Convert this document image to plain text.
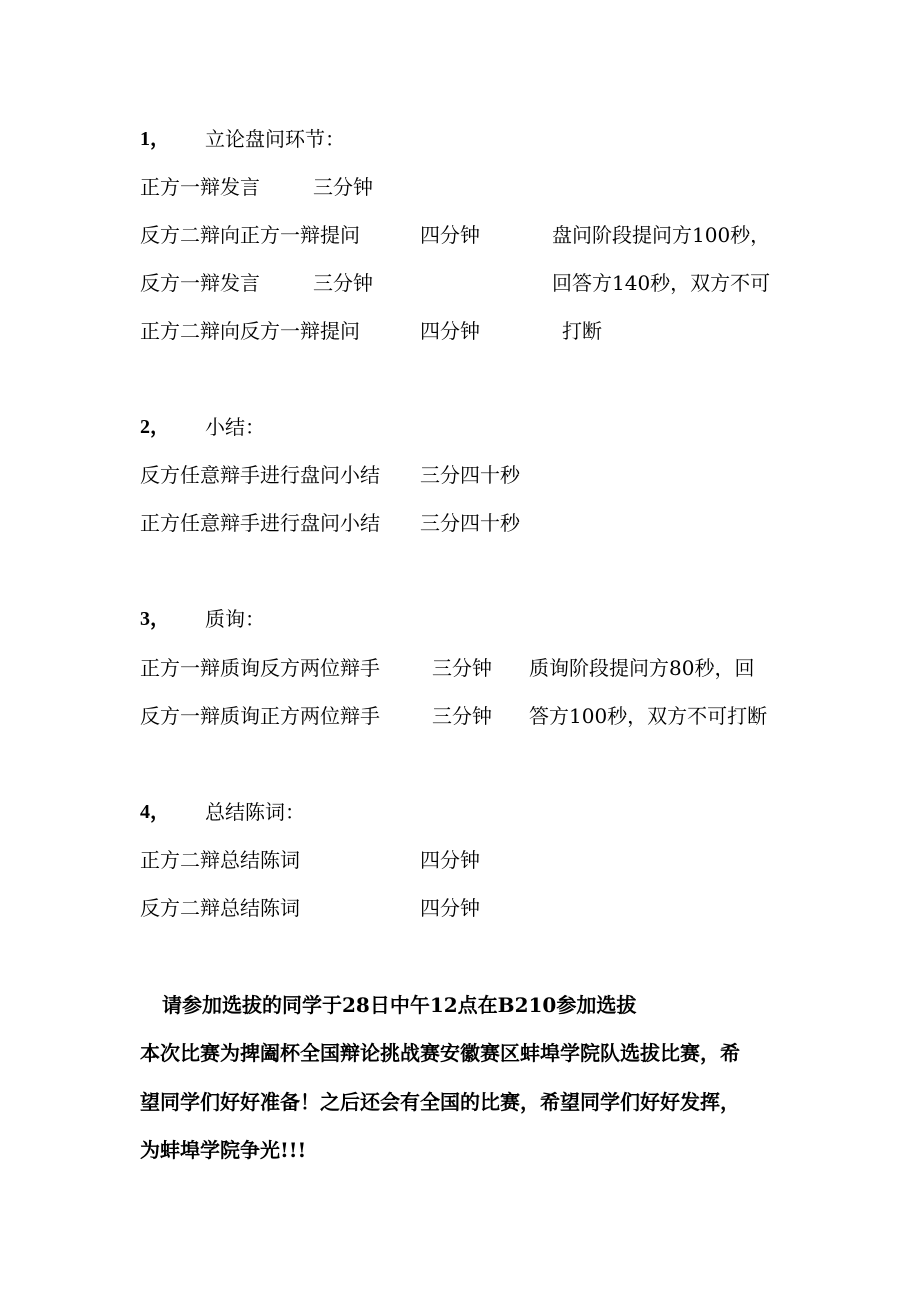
1， 立论盘问环节：
正方一辩发言	三分钟
反方二辩向正方一辩提问	四分钟	盘问阶段提问方100秒，
反方一辩发言	三分钟	回答方140秒，双方不可
正方二辩向反方一辩提问	四分钟	打断
2， 小结：
反方任意辩手进行盘问小结 三分四十秒
正方任意辩手进行盘问小结 三分四十秒
3， 质询：
正方一辩质询反方两位辩手	三分钟 质询阶段提问方80秒，回
反方一辩质询正方两位辩手	三分钟 答方100秒，双方不可打断
4， 总结陈词：
正方二辩总结陈词	四分钟
反方二辩总结陈词	四分钟
请参加选拔的同学于28日中午12点在B210参加选拔
本次比赛为捭阖杯全国辩论挑战赛安徽赛区蚌埠学院队选拔比赛，希
望同学们好好准备！之后还会有全国的比赛，希望同学们好好发挥，
为蚌埠学院争光!!!
